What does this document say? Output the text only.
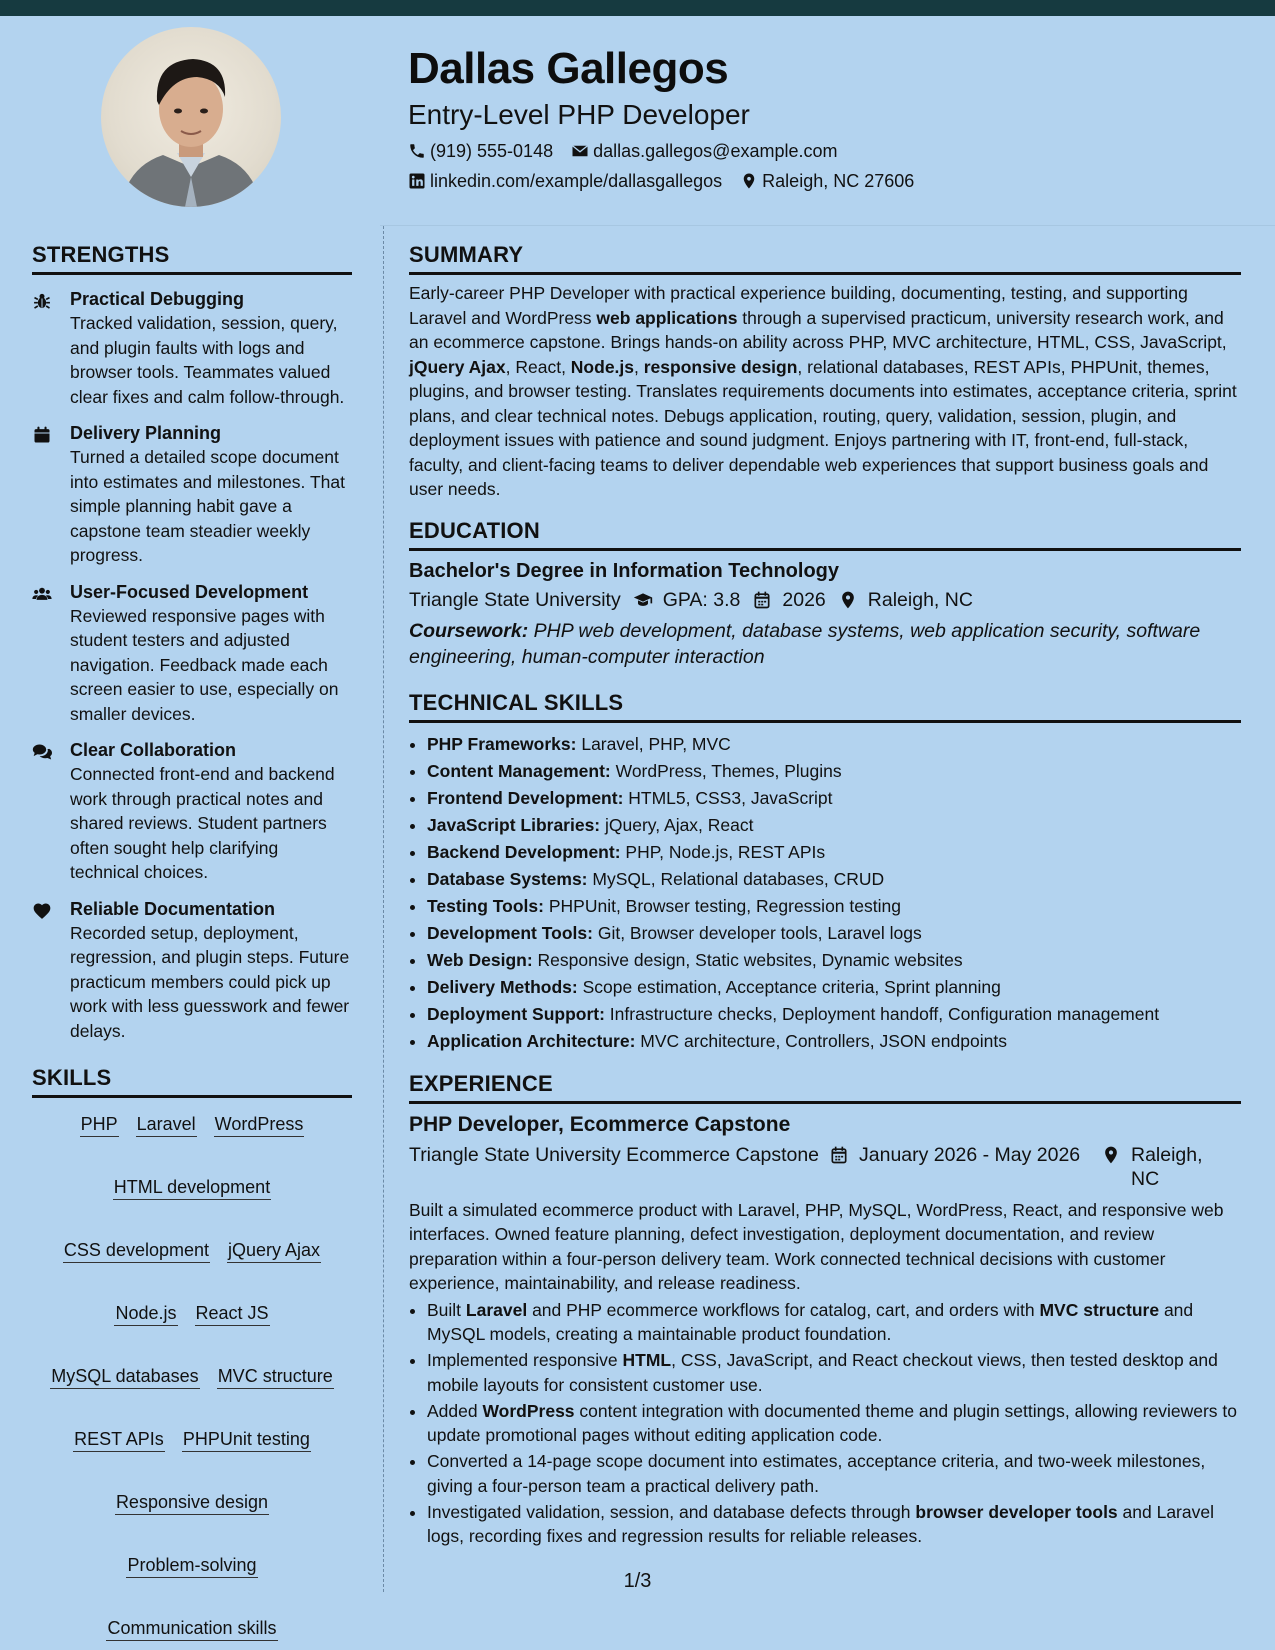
Dallas Gallegos
Entry-Level PHP Developer
(919) 555-0148 dallas.gallegos@example.com
linkedin.com/example/dallasgallegos Raleigh, NC 27606
STRENGTHS
Practical Debugging
Tracked validation, session, query, and plugin faults with logs and browser tools. Teammates valued clear fixes and calm follow-through.
Delivery Planning
Turned a detailed scope document into estimates and milestones. That simple planning habit gave a capstone team steadier weekly progress.
User-Focused Development
Reviewed responsive pages with student testers and adjusted navigation. Feedback made each screen easier to use, especially on smaller devices.
Clear Collaboration
Connected front-end and backend work through practical notes and shared reviews. Student partners often sought help clarifying technical choices.
Reliable Documentation
Recorded setup, deployment, regression, and plugin steps. Future practicum members could pick up work with less guesswork and fewer delays.
SKILLS
PHP Laravel WordPress
HTML development
CSS development jQuery Ajax
Node.js React JS
MySQL databases MVC structure
REST APIs PHPUnit testing
Responsive design
Problem-solving
Communication skills
SUMMARY

Early-career PHP Developer with practical experience building, documenting, testing, and supporting Laravel and WordPress web applications through a supervised practicum, university research work, and an ecommerce capstone. Brings hands-on ability across PHP, MVC architecture, HTML, CSS, JavaScript, jQuery Ajax, React, Node.js, responsive design, relational databases, REST APIs, PHPUnit, themes, plugins, and browser testing. Translates requirements documents into estimates, acceptance criteria, sprint plans, and clear technical notes. Debugs application, routing, query, validation, session, plugin, and deployment issues with patience and sound judgment. Enjoys partnering with IT, front-end, full-stack, faculty, and client-facing teams to deliver dependable web experiences that support business goals and user needs.

EDUCATION
Bachelor's Degree in Information Technology
Triangle State University GPA: 3.8 2026 Raleigh, NC
Coursework: PHP web development, database systems, web application security, software engineering, human-computer interaction
TECHNICAL SKILLS
• PHP Frameworks: Laravel, PHP, MVC
• Content Management: WordPress, Themes, Plugins
• Frontend Development: HTML5, CSS3, JavaScript
• JavaScript Libraries: jQuery, Ajax, React
• Backend Development: PHP, Node.js, REST APIs
• Database Systems: MySQL, Relational databases, CRUD
• Testing Tools: PHPUnit, Browser testing, Regression testing
• Development Tools: Git, Browser developer tools, Laravel logs
• Web Design: Responsive design, Static websites, Dynamic websites
• Delivery Methods: Scope estimation, Acceptance criteria, Sprint planning
• Deployment Support: Infrastructure checks, Deployment handoff, Configuration management
• Application Architecture: MVC architecture, Controllers, JSON endpoints
EXPERIENCE
PHP Developer, Ecommerce Capstone
Triangle State University Ecommerce Capstone	January 2026 - May 2026	Raleigh, NC

Built a simulated ecommerce product with Laravel, PHP, MySQL, WordPress, React, and responsive web interfaces. Owned feature planning, defect investigation, deployment documentation, and review preparation within a four-person delivery team. Work connected technical decisions with customer experience, maintainability, and release readiness.

• Built Laravel and PHP ecommerce workflows for catalog, cart, and orders with MVC structure and MySQL models, creating a maintainable product foundation.
• Implemented responsive HTML, CSS, JavaScript, and React checkout views, then tested desktop and mobile layouts for consistent customer use.
• Added WordPress content integration with documented theme and plugin settings, allowing reviewers to update promotional pages without editing application code.
• Converted a 14-page scope document into estimates, acceptance criteria, and two-week milestones, giving a four-person team a practical delivery path.
• Investigated validation, session, and database defects through browser developer tools and Laravel logs, recording fixes and regression results for reliable releases.
1/3
